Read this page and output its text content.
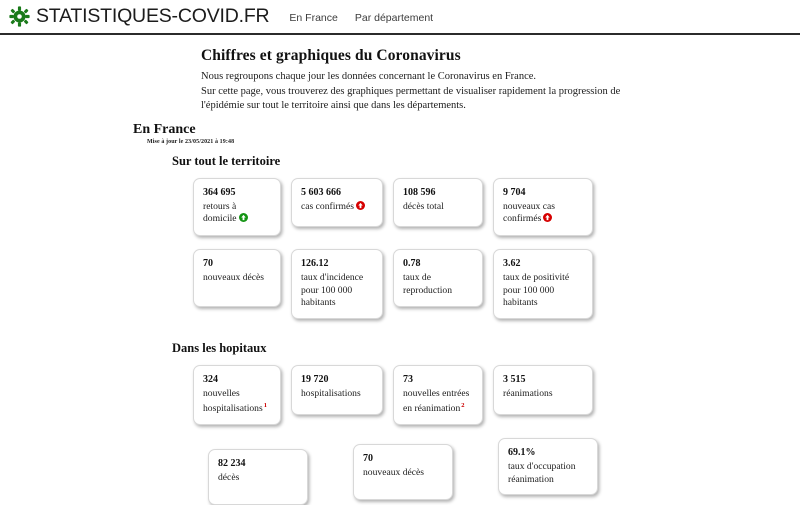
STATISTIQUES-COVID.FR En France Par département
Chiffres et graphiques du Coronavirus

Nous regroupons chaque jour les données concernant le Coronavirus en France.

Sur cette page, vous trouverez des graphiques permettant de visualiser rapidement la progression de

l'épidémie sur tout le territoire ainsi que dans les départements.

En France
Mise à jour le 23/05/2021 à 19:48
Sur tout le territoire
364 695
retours à domicile
5 603 666
cas confirmés
108 596
décès total
9 704
nouveaux cas confirmés
70
nouveaux décès
126.12
taux d'incidence pour 100 000 habitants
0.78
taux de reproduction
3.62
taux de positivité pour 100 000 habitants
Dans les hopitaux
324
nouvelles hospitalisations$^1$
19 720
hospitalisations
73
nouvelles entrées en réanimation$^2$
3 515
réanimations
82 234
décès
70
nouveaux décès
69.1%
taux d'occupation réanimation
